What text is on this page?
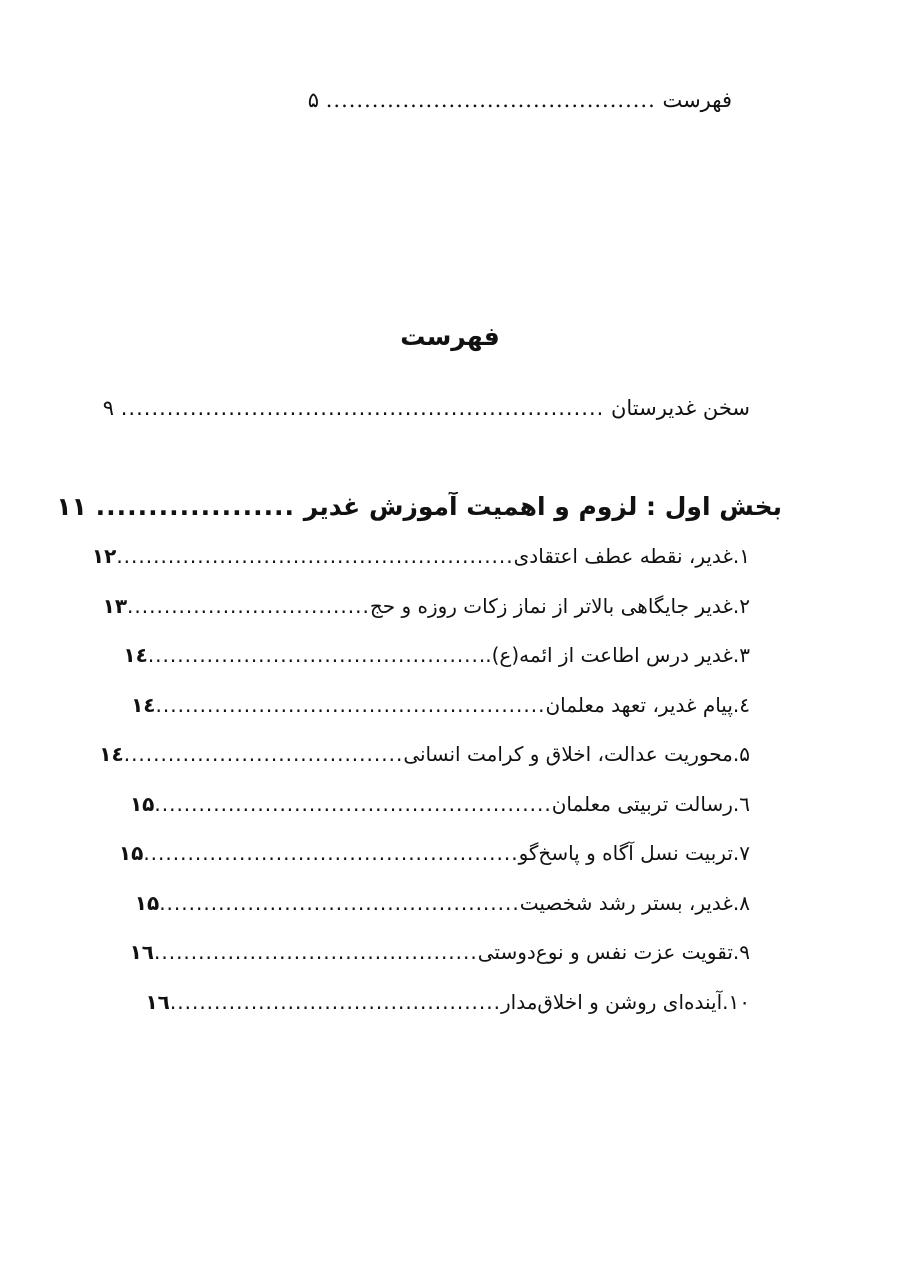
فهرست ........................................... ۵
فهرست
سخن غدیرستان ............................................................... ۹
بخش اول : لزوم و اهمیت آموزش غدیر ................... ۱۱
۱.غدیر، نقطه عطف اعتقادی......................................................۱۲
۲.غدیر جایگاهی بالاتر از نماز زکات روزه و حج.................................۱۳
۳.غدیر درس اطاعت از ائمه(ع)...............................................۱٤
٤.پیام غدیر، تعهد معلمان.....................................................۱٤
۵.محوریت عدالت، اخلاق و کرامت انسانی......................................۱٤
٦.رسالت تربیتی معلمان......................................................۱۵
۷.تربیت نسل آگاه و پاسخ‌گو...................................................۱۵
۸.غدیر، بستر رشد شخصیت.................................................۱۵
۹.تقویت عزت نفس و نوع‌دوستی............................................۱٦
۱۰.آینده‌ای روشن و اخلاق‌مدار.............................................۱٦
